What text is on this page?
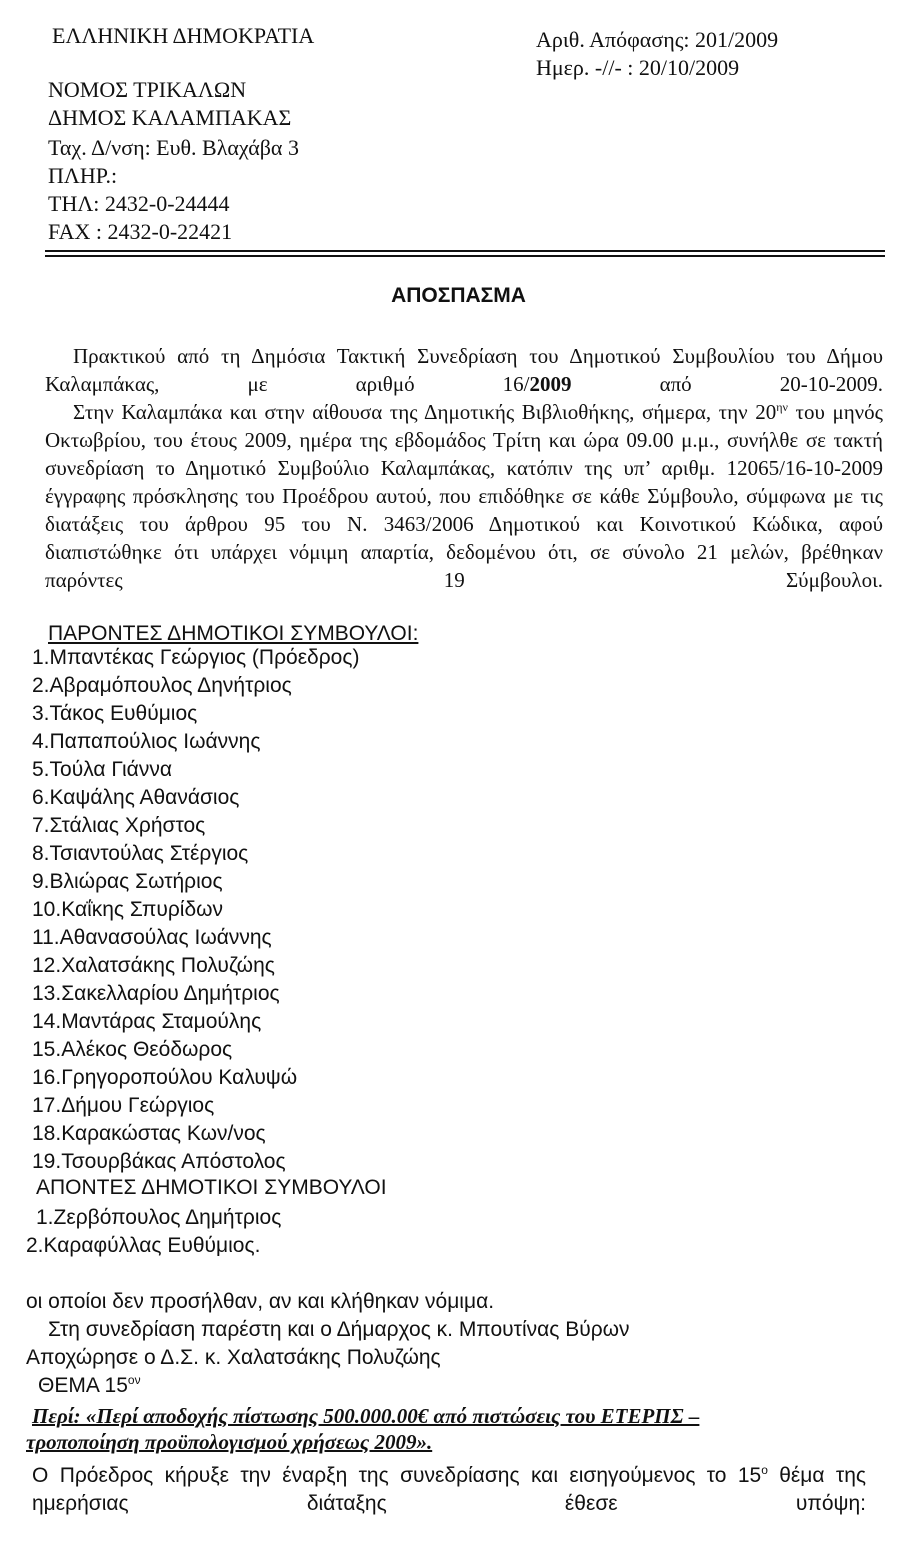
ΕΛΛΗΝΙΚΗ ΔΗΜΟΚΡΑΤΙΑ
ΝΟΜΟΣ ΤΡΙΚΑΛΩΝ
ΔΗΜΟΣ ΚΑΛΑΜΠΑΚΑΣ
Ταχ. Δ/νση: Ευθ. Βλαχάβα 3
ΠΛΗΡ.:
ΤΗΛ: 2432-0-24444
FAX : 2432-0-22421
Αριθ. Απόφασης: 201/2009
Ημερ. -//- : 20/10/2009
ΑΠΟΣΠΑΣΜΑ
Πρακτικού από τη Δημόσια Τακτική Συνεδρίαση του Δημοτικού Συμβουλίου του Δήμου Καλαμπάκας, με αριθμό 16/2009 από 20-10-2009.
Στην Καλαμπάκα και στην αίθουσα της Δημοτικής Βιβλιοθήκης, σήμερα, την $20^{\eta\nu}$ του μηνός Οκτωβρίου, του έτους 2009, ημέρα της εβδομάδος Τρίτη και ώρα 09.00 μ.μ., συνήλθε σε τακτή συνεδρίαση το Δημοτικό Συμβούλιο Καλαμπάκας, κατόπιν της υπ’ αριθμ. 12065/16-10-2009 έγγραφης πρόσκλησης του Προέδρου αυτού, που επιδόθηκε σε κάθε Σύμβουλο, σύμφωνα με τις διατάξεις του άρθρου 95 του Ν. 3463/2006 Δημοτικού και Κοινοτικού Κώδικα, αφού διαπιστώθηκε ότι υπάρχει νόμιμη απαρτία, δεδομένου ότι, σε σύνολο 21 μελών, βρέθηκαν παρόντες 19 Σύμβουλοι.
ΠΑΡΟΝΤΕΣ ΔΗΜΟΤΙΚΟΙ ΣΥΜΒΟΥΛΟΙ:
1.Μπαντέκας Γεώργιος (Πρόεδρος)
2.Αβραμόπουλος Δηνήτριος
3.Τάκος Ευθύμιος
4.Παπαπούλιος Ιωάννης
5.Τούλα Γιάννα
6.Καψάλης Αθανάσιος
7.Στάλιας Χρήστος
8.Τσιαντούλας Στέργιος
9.Βλιώρας Σωτήριος
10.Καΐκης Σπυρίδων
11.Αθανασούλας Ιωάννης
12.Χαλατσάκης Πολυζώης
13.Σακελλαρίου Δημήτριος
14.Μαντάρας Σταμούλης
15.Αλέκος Θεόδωρος
16.Γρηγοροπούλου Καλυψώ
17.Δήμου Γεώργιος
18.Καρακώστας Κων/νος
19.Τσουρβάκας Απόστολος
ΑΠΟΝΤΕΣ ΔΗΜΟΤΙΚΟΙ ΣΥΜΒΟΥΛΟΙ
1.Ζερβόπουλος Δημήτριος
2.Καραφύλλας Ευθύμιος.
οι οποίοι δεν προσήλθαν, αν και κλήθηκαν νόμιμα.
Στη συνεδρίαση παρέστη και ο Δήμαρχος κ. Μπουτίνας Βύρων
Αποχώρησε ο Δ.Σ. κ. Χαλατσάκης Πολυζώης
ΘΕΜΑ $15^{o\nu}$
Περί: «Περί αποδοχής πίστωσης 500.000.00€ από πιστώσεις του ΕΤΕΡΠΣ –
τροποποίηση προϋπολογισμού χρήσεως 2009».
Ο Πρόεδρος κήρυξε την έναρξη της συνεδρίασης και εισηγούμενος το $15^o$ θέμα της ημερήσιας διάταξης έθεσε υπόψη:
